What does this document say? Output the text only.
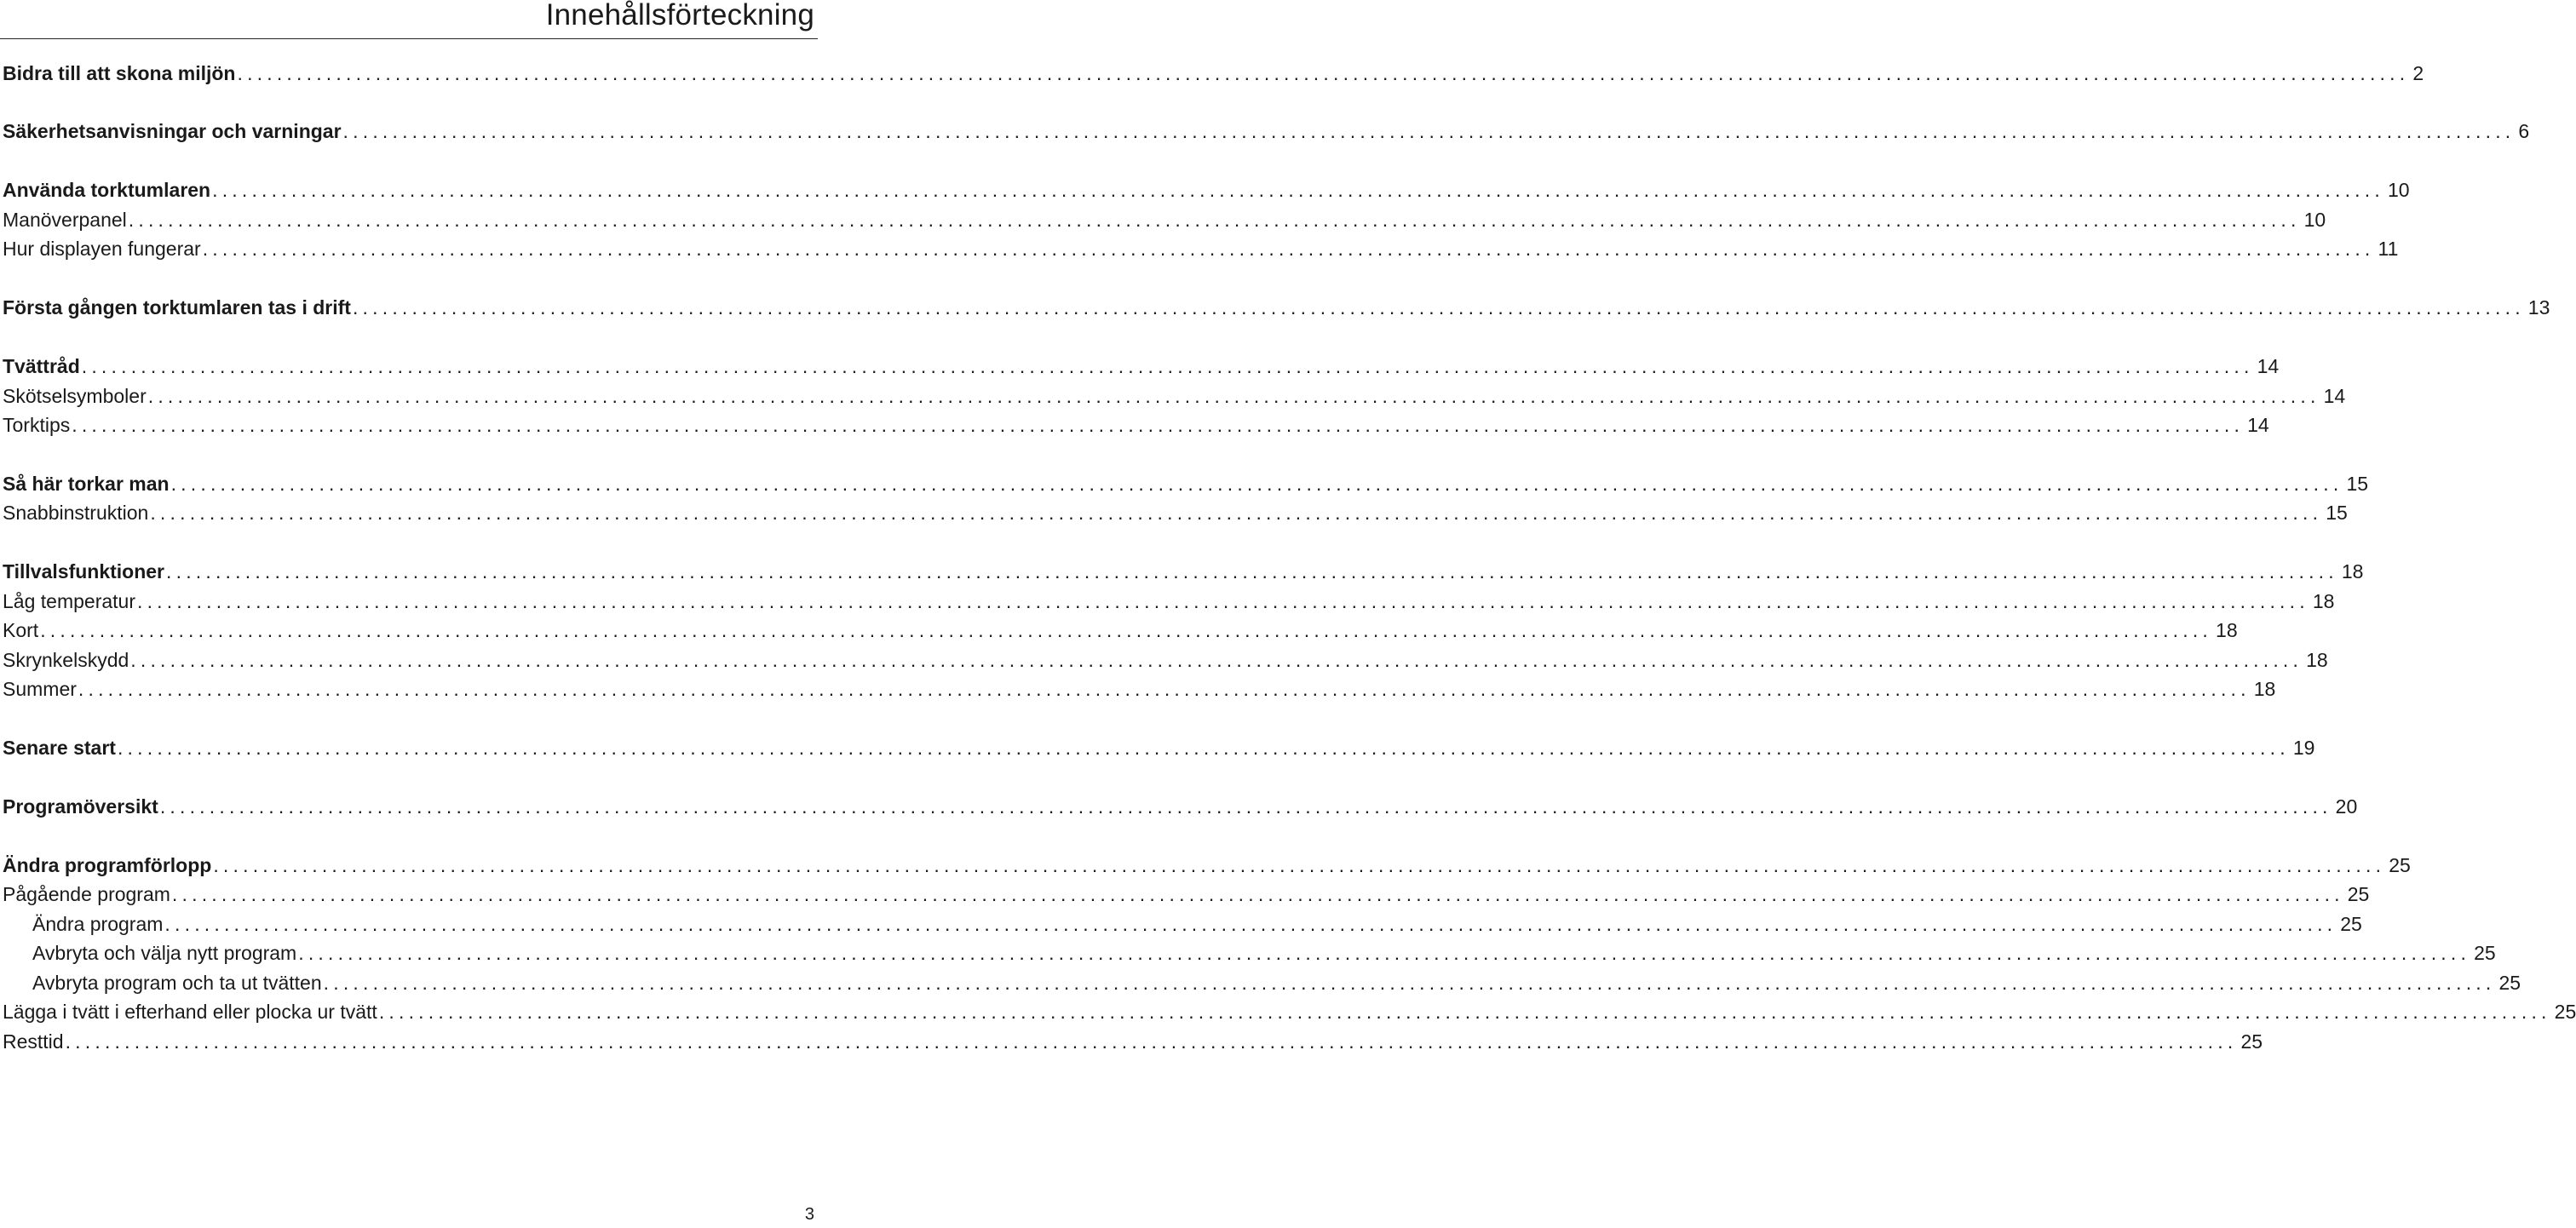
Innehållsförteckning
Bidra till att skona miljön ............................................................................................................................................................................................................................ 2
Säkerhetsanvisningar och varningar ............................................................................................................................................................................................................................ 6
Använda torktumlaren ............................................................................................................................................................................................................................ 10
Manöverpanel ............................................................................................................................................................................................................................ 10
Hur displayen fungerar ............................................................................................................................................................................................................................ 11
Första gången torktumlaren tas i drift ............................................................................................................................................................................................................................ 13
Tvättråd ............................................................................................................................................................................................................................ 14
Skötselsymboler ............................................................................................................................................................................................................................ 14
Torktips ............................................................................................................................................................................................................................ 14
Så här torkar man ............................................................................................................................................................................................................................ 15
Snabbinstruktion ............................................................................................................................................................................................................................ 15
Tillvalsfunktioner ............................................................................................................................................................................................................................ 18
Låg temperatur ............................................................................................................................................................................................................................ 18
Kort ............................................................................................................................................................................................................................ 18
Skrynkelskydd ............................................................................................................................................................................................................................ 18
Summer ............................................................................................................................................................................................................................ 18
Senare start ............................................................................................................................................................................................................................ 19
Programöversikt ............................................................................................................................................................................................................................ 20
Ändra programförlopp ............................................................................................................................................................................................................................ 25
Pågående program ............................................................................................................................................................................................................................ 25
Ändra program ............................................................................................................................................................................................................................ 25
Avbryta och välja nytt program ............................................................................................................................................................................................................................ 25
Avbryta program och ta ut tvätten ............................................................................................................................................................................................................................ 25
Lägga i tvätt i efterhand eller plocka ur tvätt ............................................................................................................................................................................................................................ 25
Resttid ............................................................................................................................................................................................................................ 25
3
